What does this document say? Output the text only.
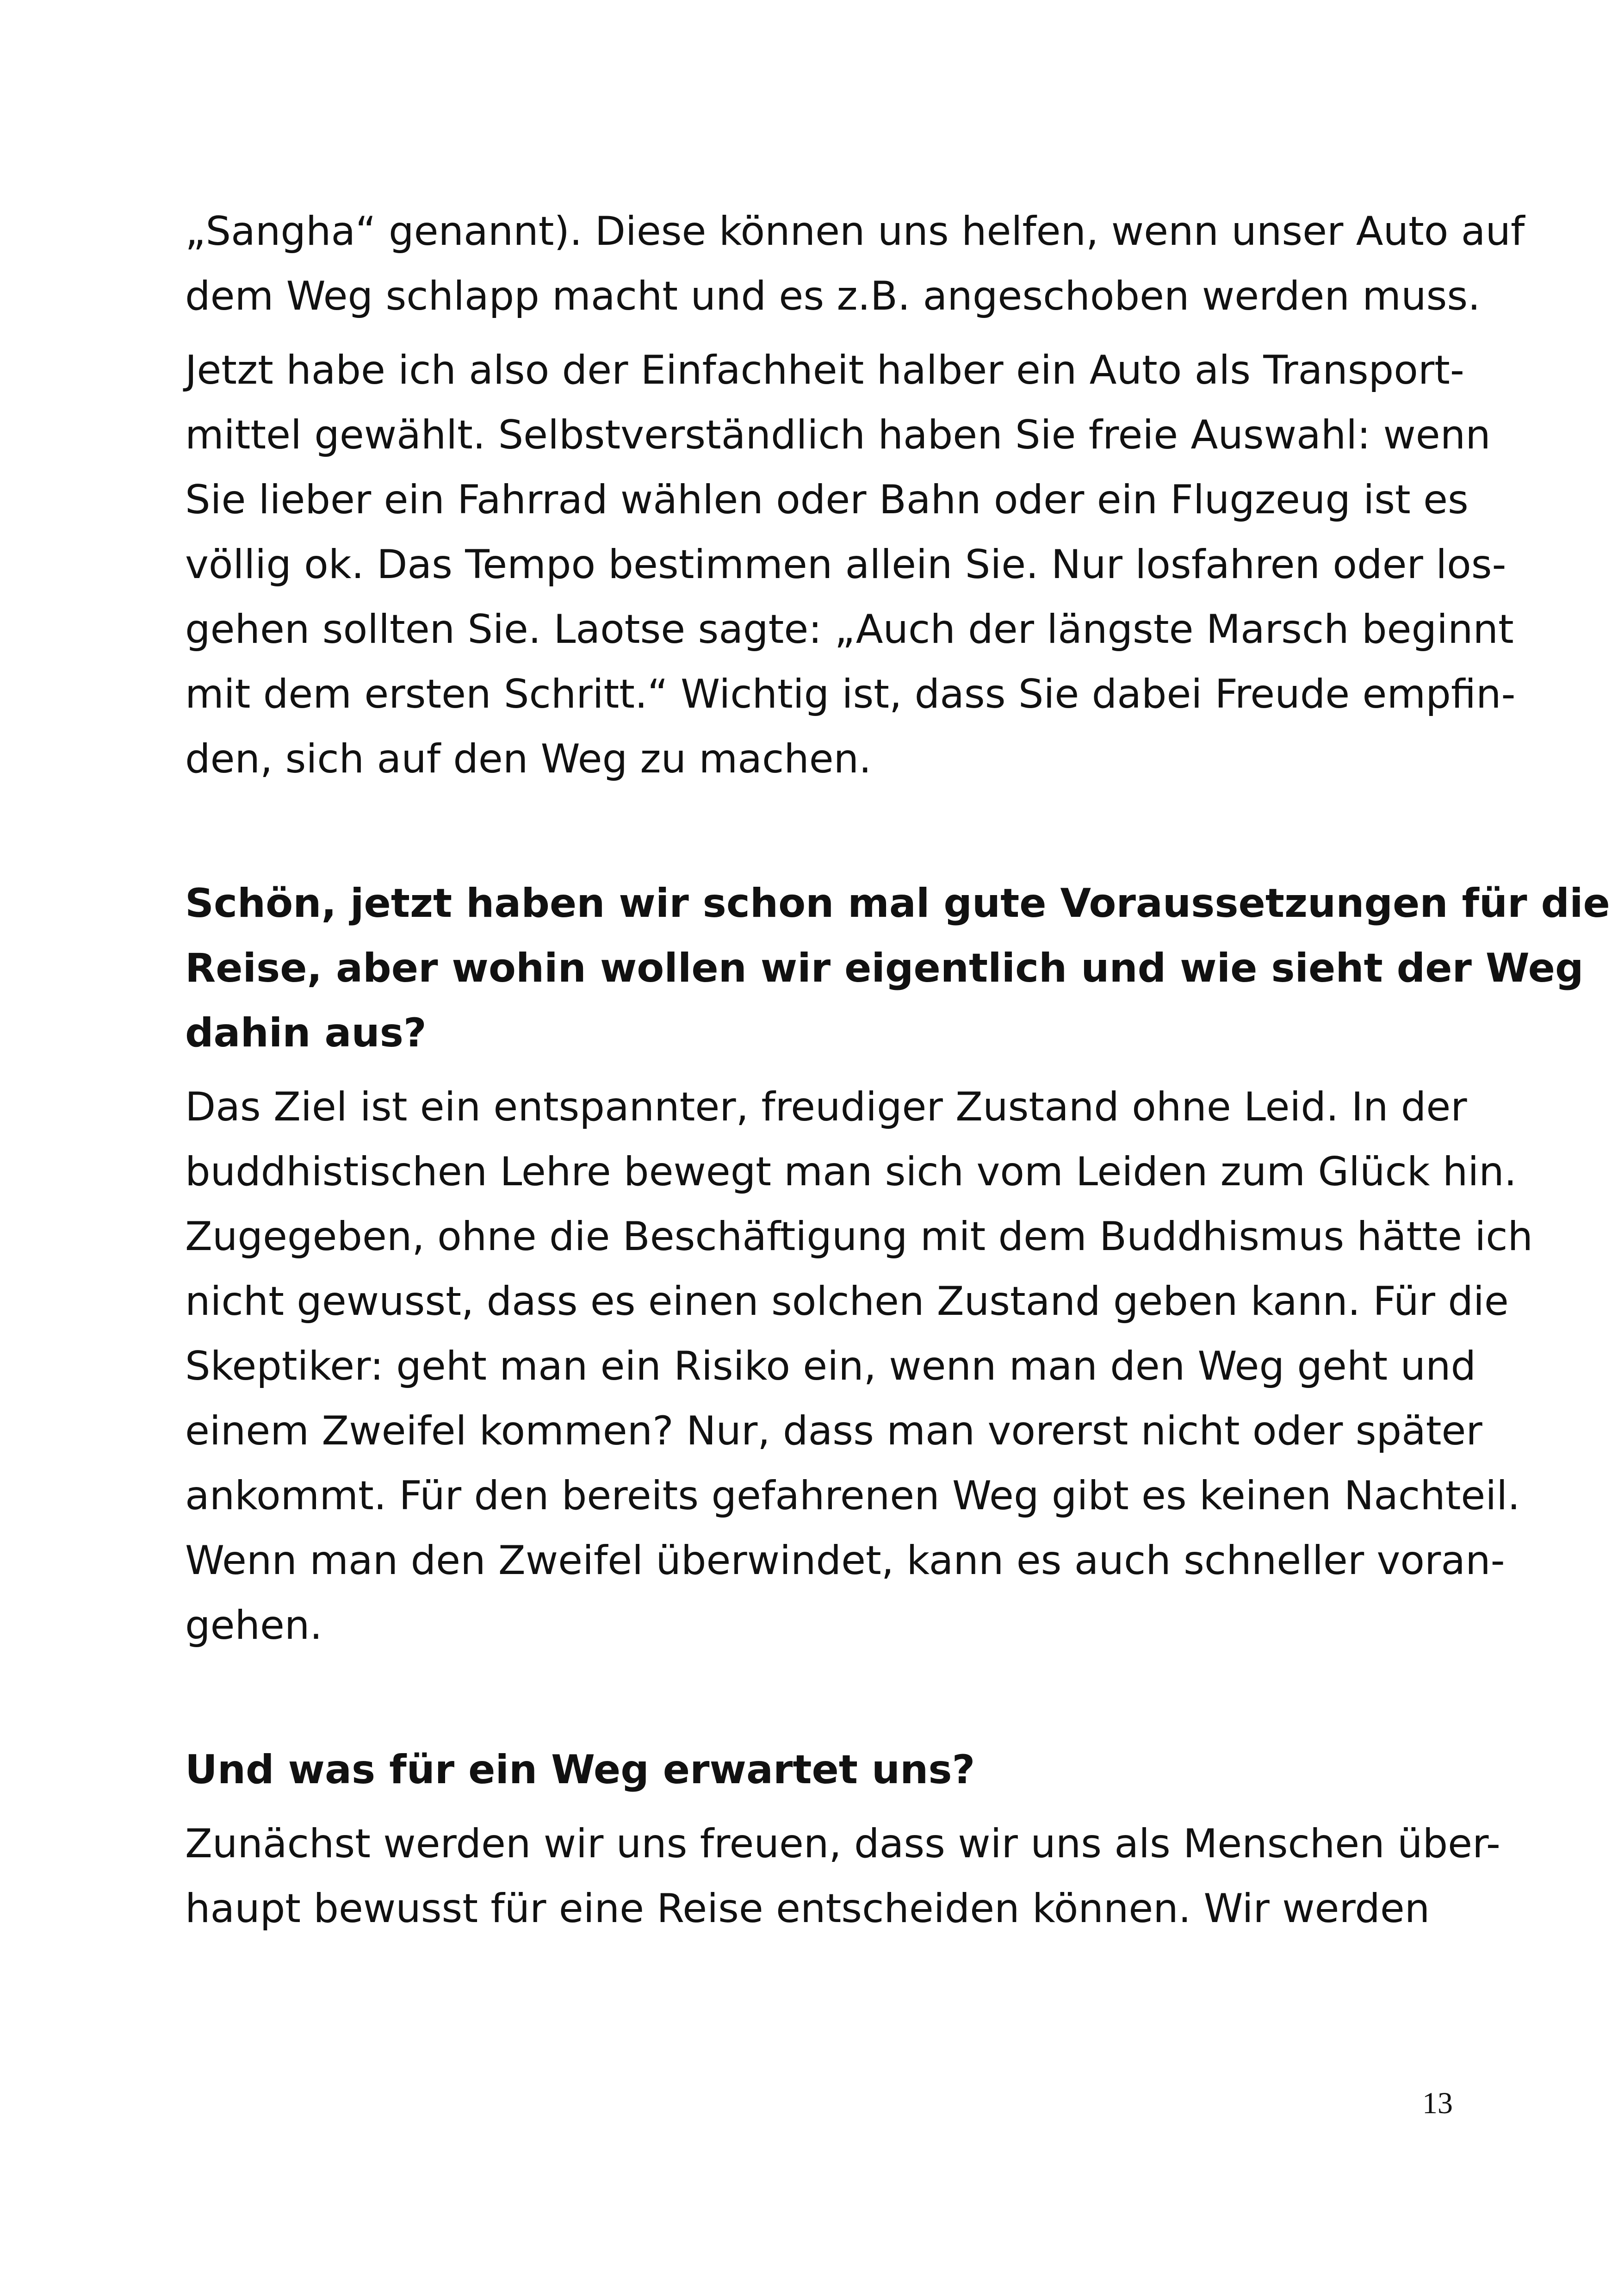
„Sangha“ genannt). Diese können uns helfen, wenn unser Auto auf
dem Weg schlapp macht und es z.B. angeschoben werden muss.

Jetzt habe ich also der Einfachheit halber ein Auto als Transport-
mittel gewählt. Selbstverständlich haben Sie freie Auswahl: wenn
Sie lieber ein Fahrrad wählen oder Bahn oder ein Flugzeug ist es
völlig ok. Das Tempo bestimmen allein Sie. Nur losfahren oder los-
gehen sollten Sie. Laotse sagte: „Auch der längste Marsch beginnt
mit dem ersten Schritt.“ Wichtig ist, dass Sie dabei Freude empfin-
den, sich auf den Weg zu machen.

Schön, jetzt haben wir schon mal gute Voraussetzungen für die
Reise, aber wohin wollen wir eigentlich und wie sieht der Weg
dahin aus?

Das Ziel ist ein entspannter, freudiger Zustand ohne Leid. In der
buddhistischen Lehre bewegt man sich vom Leiden zum Glück hin.
Zugegeben, ohne die Beschäftigung mit dem Buddhismus hätte ich
nicht gewusst, dass es einen solchen Zustand geben kann. Für die
Skeptiker: geht man ein Risiko ein, wenn man den Weg geht und
einem Zweifel kommen? Nur, dass man vorerst nicht oder später
ankommt. Für den bereits gefahrenen Weg gibt es keinen Nachteil.
Wenn man den Zweifel überwindet, kann es auch schneller voran-
gehen.

Und was für ein Weg erwartet uns?

Zunächst werden wir uns freuen, dass wir uns als Menschen über-
haupt bewusst für eine Reise entscheiden können. Wir werden

13
